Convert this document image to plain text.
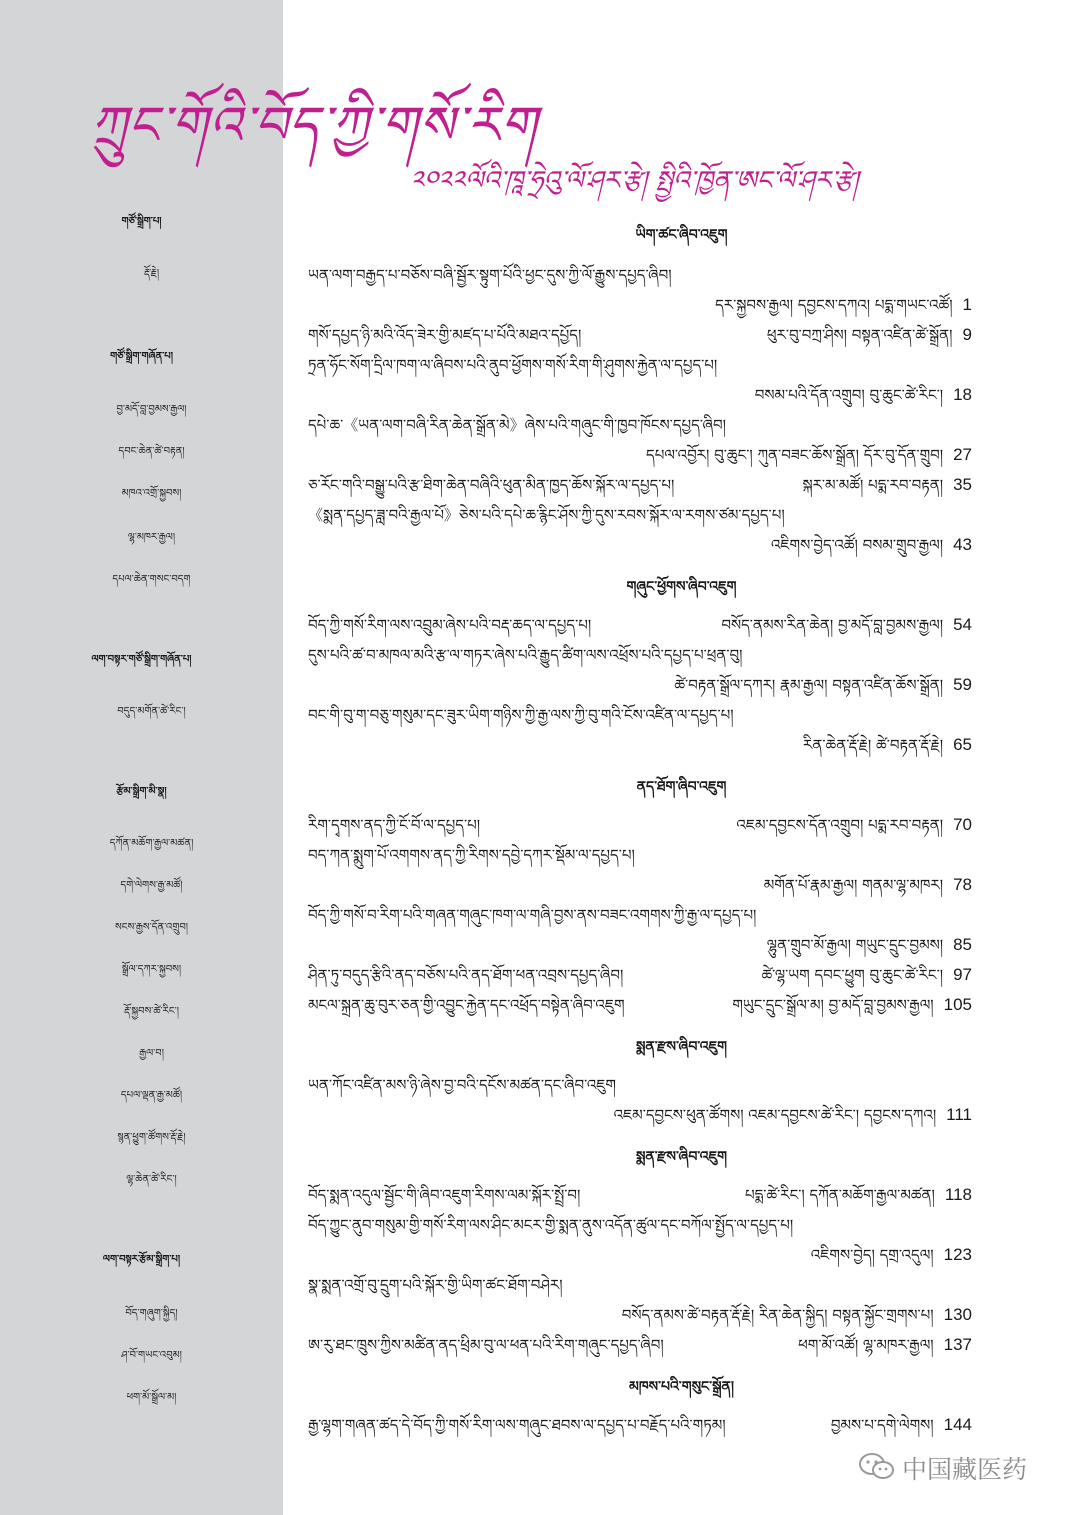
གཙོ་སྒྲིག་པ།
རྡོ་རྗེ།
གཙོ་སྒྲིག་གཞོན་པ།
བྱ་མདོ་བླ་བྱམས་རྒྱལ།
དབང་ཆེན་ཚེ་བརྟན།
མཁའ་འགྲོ་སྐྱབས།
ལྷ་མཁར་རྒྱལ།
དཔལ་ཆེན་གསང་བདག
ལག་བསྟར་གཙོ་སྒྲིག་གཞོན་པ།
བདུད་མགོན་ཚེ་རིང་།
རྩོམ་སྒྲིག་མི་སྣ།
དཀོན་མཆོག་རྒྱལ་མཚན།
དགེ་ལེགས་རྒྱ་མཚོ།
སངས་རྒྱས་དོན་འགྲུབ།
སྒྲོལ་དཀར་སྐྱབས།
རྡོ་སྐྱབས་ཚེ་རིང་།
རྒྱལ་བ།
དཔལ་ལྡན་རྒྱ་མཚོ།
སྙན་ཕྱུག་ཚོགས་རྡོ་རྗེ།
ལྷ་ཆེན་ཚེ་རིང་།
ལག་བསྟར་རྩོམ་སྒྲིག་པ།
བོད་གཞུག་སྐྱིད།
ཤ་བོ་གཡང་འབུམ།
ཕག་མོ་སྒྲོལ་མ།
ཀྲུང་གོའི་བོད་ཀྱི་གསོ་རིག
༢༠༢༢ལོའི་ཁཱ་ཧྲེའུ་ལོ་ཤར་རྩེ། སྤྱིའི་ཁྱོན་ཨང་ལོ་ཤར་རྩེ།
ཡིག་ཚང་ཞིབ་འཇུག
ཡན་ལག་བརྒྱད་པ་བཅོས་བཞི་སྦྱོར་སྟུག་པོའི་ཕྱང་དུས་ཀྱི་ལོ་རྒྱུས་དཔྱད་ཞིབ།
དར་སྐྱབས་རྒྱལ། དབྱངས་དཀའ། པདྨ་གཡང་འཚོ། 1
གསོ་དཔྱད་ཉི་མའི་འོད་ཟེར་གྱི་མཛད་པ་པོའི་མཐའ་དཔྱོད།	ཕུར་བུ་བཀྲ་ཤིས། བསྟན་འཛིན་ཚེ་སྒྲོན། 9
ཏྲན་ཧོང་སོག་དྲིལ་ཁག་ལ་ཞིབས་པའི་ནུབ་ཕྱོགས་གསོ་རིག་གི་ཤུགས་རྐྱེན་ལ་དཔྱད་པ།
བསམ་པའི་དོན་འགྲུབ། བུ་ཆུང་ཚེ་རིང་། 18
དཔེ་ཆ་《ཡན་ལག་བཞི་རིན་ཆེན་སྒྲོན་མེ》ཞེས་པའི་གཞུང་གི་ཁྱབ་ཁོངས་དཔྱད་ཞིབ།
དཔལ་འབྱོར། བུ་ཆུང་། ཀུན་བཟང་ཆོས་སྒྲོན། དོར་བུ་དོན་གྲུབ། 27
ཅ་རོང་གའི་བསྒྱུ་པའི་རྩ་ཐིག་ཆེན་བཞིའི་ཕུན་མིན་ཁྱད་ཆོས་སྐོར་ལ་དཔྱད་པ།	སྐར་མ་མཚོ། པདྨ་རབ་བརྟན། 35
《སྨན་དཔྱད་ཟླ་བའི་རྒྱལ་པོ》ཅེས་པའི་དཔེ་ཆ་རྙིང་ཤོས་ཀྱི་དུས་རབས་སྐོར་ལ་རགས་ཙམ་དཔྱད་པ།
འཇིགས་བྱེད་འཚོ། བསམ་གྲུབ་རྒྱལ། 43
གཞུང་ཕྱོགས་ཞིབ་འཇུག
བོད་ཀྱི་གསོ་རིག་ལས་འབྲུམ་ཞེས་པའི་བརྡ་ཆད་ལ་དཔྱད་པ།	བསོད་ནམས་རིན་ཆེན། བྱ་མདོ་བླ་བྱམས་རྒྱལ། 54
དུས་པའི་ཚ་བ་མཁལ་མའི་རྩ་ལ་གཏར་ཞེས་པའི་རྒྱུད་ཚིག་ལས་འཕྲོས་པའི་དཔྱད་པ་ཕྲན་བུ།
ཚེ་བརྟན་སྒྲོལ་དཀར། རྣམ་རྒྱལ། བསྟན་འཛིན་ཆོས་སྒྲོན། 59
བང་གི་བུ་ག་བཅུ་གསུམ་དང་ཟུར་ཡིག་གཉིས་ཀྱི་རྒྱ་ལས་ཀྱི་བུ་གའི་ངོས་འཛིན་ལ་དཔྱད་པ།
རིན་ཆེན་རྡོ་རྗེ། ཚེ་བརྟན་རྡོ་རྗེ། 65
ནད་ཐོག་ཞིབ་འཇུག
རིག་དྭགས་ནད་ཀྱི་ངོ་བོ་ལ་དཔྱད་པ།	འཇམ་དབྱངས་དོན་འགྲུབ། པདྨ་རབ་བརྟན། 70
བད་ཀན་སྨུག་པོ་འགགས་ནད་ཀྱི་རིགས་དབྱེ་དཀར་སྡོམ་ལ་དཔྱད་པ།
མགོན་པོ་རྣམ་རྒྱལ། གནམ་ལྷ་མཁར། 78
བོད་ཀྱི་གསོ་བ་རིག་པའི་གཞན་གཞུང་ཁག་ལ་གཞི་བྱས་ནས་བཟང་འགགས་ཀྱི་རྒྱ་ལ་དཔྱད་པ།
ལྷུན་གྲུབ་མོ་རྒྱལ། གཡུང་དྲུང་བྱམས། 85
ཤིན་ཏུ་བདུད་རྩིའི་ནད་བཅོས་པའི་ནད་ཐོག་ཕན་འབྲས་དཔྱད་ཞིབ།	ཚེ་ལྷ་ཡག དབང་ཕྱུག བུ་ཆུང་ཚེ་རིང་། 97
མངལ་སྐྲན་ཆུ་བུར་ཅན་གྱི་འབྱུང་རྐྱེན་དང་འཕྲོད་བསྟེན་ཞིབ་འཇུག	གཡུང་དྲུང་སྒྲོལ་མ། བྱ་མདོ་བླ་བྱམས་རྒྱལ། 105
སྨན་རྫས་ཞིབ་འཇུག
ཡན་ཀོང་འཛིན་མས་ཉི་ཞེས་བྱ་བའི་དངོས་མཚན་དང་ཞིབ་འཇུག
འཇམ་དབྱངས་ཕུན་ཚོགས། འཇམ་དབྱངས་ཚེ་རིང་། དབྱངས་དཀའ། 111
སྨན་རྫས་ཞིབ་འཇུག
བོད་སྨན་འདུལ་སྦྱོང་གི་ཞིབ་འཇུག་རིགས་ལམ་སྐོར་སྤྲོ་བ།	པདྨ་ཚེ་རིང་། དཀོན་མཆོག་རྒྱལ་མཚན། 118
བོད་ཀྱུང་ནུབ་གསུམ་གྱི་གསོ་རིག་ལས་ཤིང་མངར་གྱི་སྨན་ནུས་འདོན་ཚུལ་དང་བཀོལ་སྤྱོད་ལ་དཔྱད་པ།
འཇིགས་བྱེད། དགྲ་འདུལ། 123
སྣ་སྨན་འགྲོ་བུ་དྲུག་པའི་སྐོར་གྱི་ཡིག་ཚང་ཐོག་བཤེར།
བསོད་ནམས་ཚེ་བརྟན་རྡོ་རྗེ། རིན་ཆེན་སྐྱིད། བསྟན་སྐྱོང་གྲགས་པ། 130
ཨ་རུ་ཐང་ཁྲུས་ཀྱིས་མཚིན་ནད་ཕྲིམ་བུ་ལ་ཕན་པའི་རིག་གཞུང་དཔྱད་ཞིབ།	ཕག་མོ་འཚོ། ལྷ་མཁར་རྒྱལ། 137
མཁས་པའི་གསུང་སྒྲོན།
རྒྱ་ལྷག་གཞན་ཚད་དེ་བོད་ཀྱི་གསོ་རིག་ལས་གཞུང་ཐབས་ལ་དཔྱད་པ་བརྗོད་པའི་གཏམ།	བྱམས་པ་དགེ་ལེགས། 144
中国藏医药
